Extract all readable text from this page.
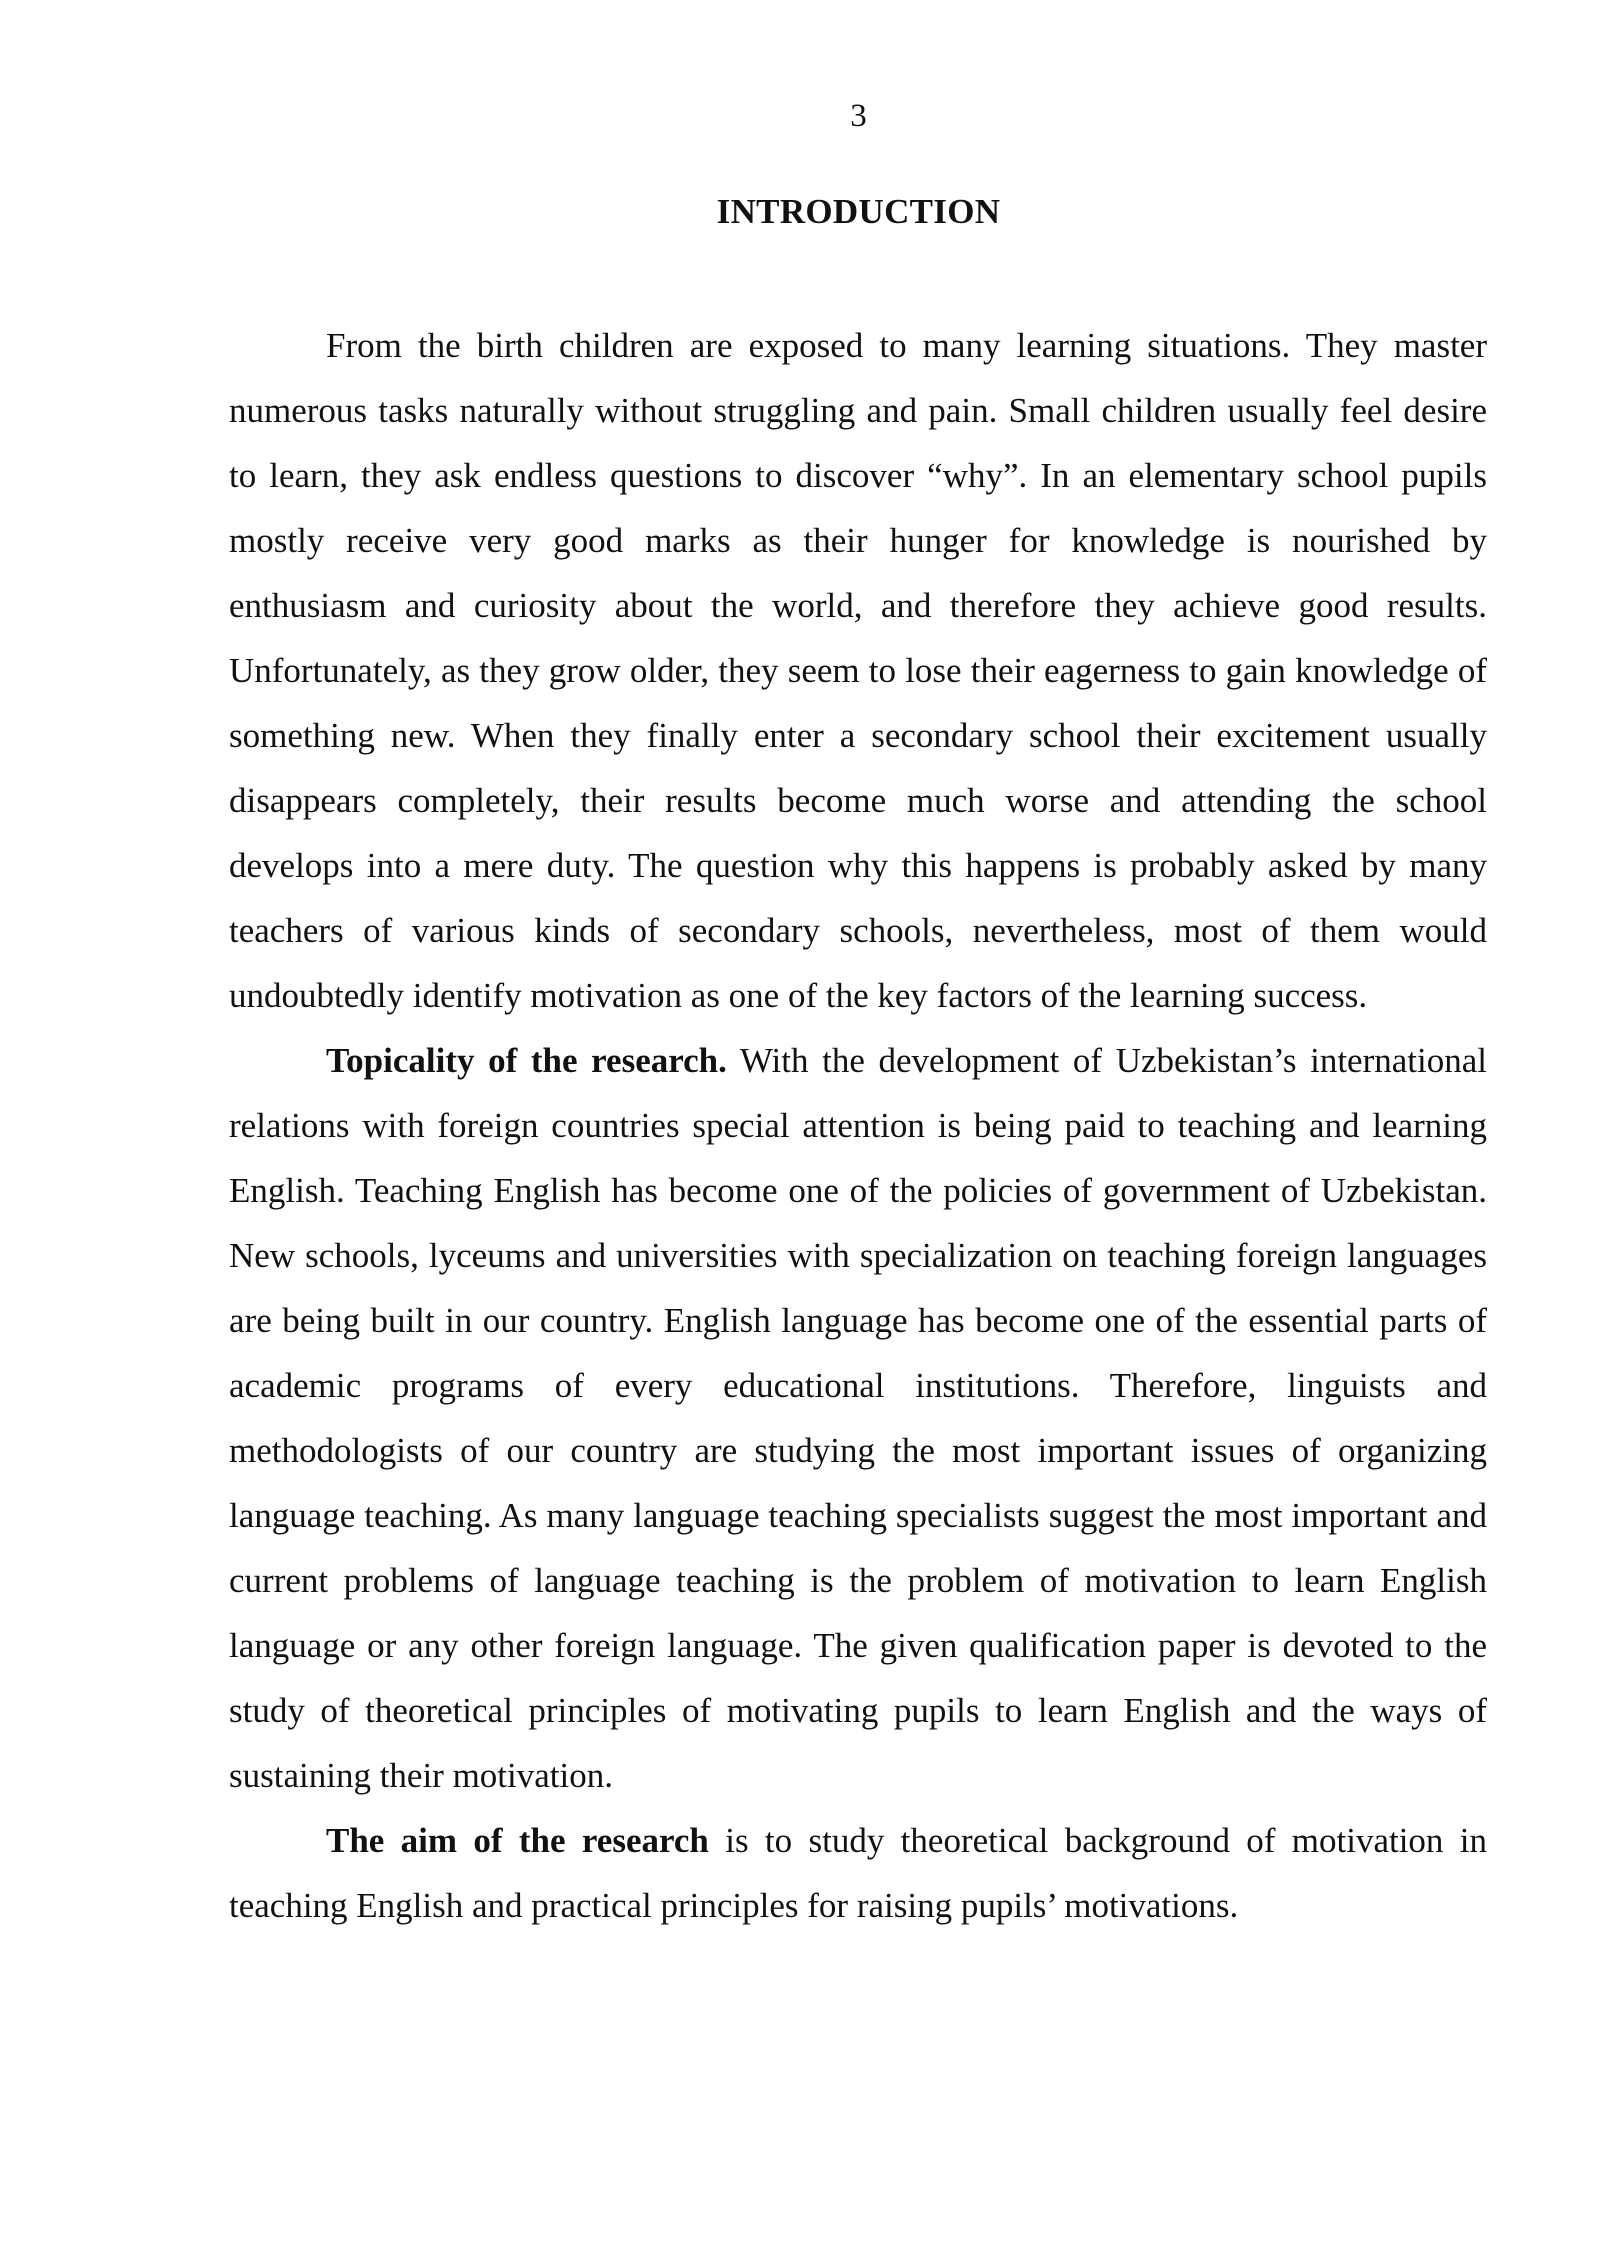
3
INTRODUCTION

From the birth children are exposed to many learning situations. They master numerous tasks naturally without struggling and pain. Small children usually feel desire to learn, they ask endless questions to discover “why”. In an elementary school pupils mostly receive very good marks as their hunger for knowledge is nourished by enthusiasm and curiosity about the world, and therefore they achieve good results. Unfortunately, as they grow older, they seem to lose their eagerness to gain knowledge of something new. When they finally enter a secondary school their excitement usually disappears completely, their results become much worse and attending the school develops into a mere duty. The question why this happens is probably asked by many teachers of various kinds of secondary schools, nevertheless, most of them would undoubtedly identify motivation as one of the key factors of the learning success.

Topicality of the research. With the development of Uzbekistan’s international relations with foreign countries special attention is being paid to teaching and learning English. Teaching English has become one of the policies of government of Uzbekistan. New schools, lyceums and universities with specialization on teaching foreign languages are being built in our country. English language has become one of the essential parts of academic programs of every educational institutions. Therefore, linguists and methodologists of our country are studying the most important issues of organizing language teaching. As many language teaching specialists suggest the most important and current problems of language teaching is the problem of motivation to learn English language or any other foreign language. The given qualification paper is devoted to the study of theoretical principles of motivating pupils to learn English and the ways of sustaining their motivation.

The aim of the research is to study theoretical background of motivation in teaching English and practical principles for raising pupils’ motivations.
